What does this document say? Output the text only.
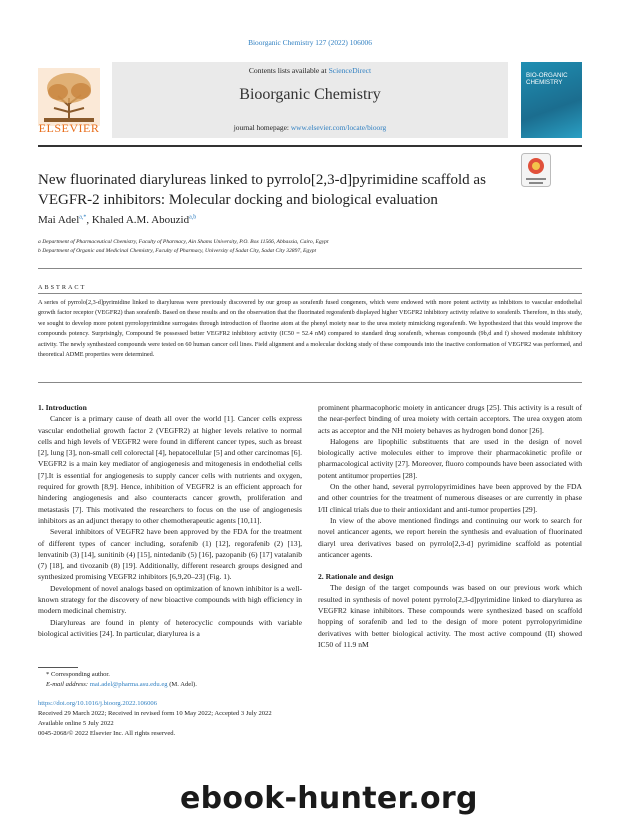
Bioorganic Chemistry 127 (2022) 106006
ELSEVIER
Contents lists available at ScienceDirect
Bioorganic Chemistry
journal homepage: www.elsevier.com/locate/bioorg
BIO-ORGANIC CHEMISTRY
New fluorinated diarylureas linked to pyrrolo[2,3-d]pyrimidine scaffold as VEGFR-2 inhibitors: Molecular docking and biological evaluation
Mai Adel$^{a,*}$, Khaled A.M. Abouzid$^{a,b}$
a Department of Pharmaceutical Chemistry, Faculty of Pharmacy, Ain Shams University, P.O. Box 11566, Abbassia, Cairo, Egypt
b Department of Organic and Medicinal Chemistry, Faculty of Pharmacy, University of Sadat City, Sadat City 32897, Egypt
ABSTRACT
A series of pyrrolo[2,3-d]pyrimidine linked to diarylureas were previously discovered by our group as sorafenib fused congeners, which were endowed with more potent activity as inhibitors to vascular endothelial growth factor receptor (VEGFR2) than sorafenib. Based on these results and on the observation that the fluorinated regorafenib displayed higher VEGFR2 inhibitory activity relative to sorafenib. Therefore, in this study, we sought to develop more potent pyrrolopyrimidine surrogates through introduction of fluorine atom at the phenyl moiety near to the urea moiety mimicking regorafenib. We hypothesized that this would improve the compounds potency. Surprisingly, Compound 9e possessed better VEGFR2 inhibitory activity (IC50 = 52.4 nM) compared to standard drug sorafenib, whereas compounds (9b,d and f) showed moderate inhibitory activity. The newly synthesized compounds were tested on 60 human cancer cell lines. Field alignment and a molecular docking study of these compounds into the inactive conformation of VEGFR2 was performed, and theoretical ADME properties were determined.

1. Introduction

Cancer is a primary cause of death all over the world [1]. Cancer cells express vascular endothelial growth factor 2 (VEGFR2) at higher levels relative to normal cells and high levels of VEGFR2 were found in different cancer types, such as breast [2], lung [3], non-small cell colorectal [4], hepatocellular [5] and other carcinomas [6]. VEGFR2 is a main key mediator of angiogenesis and mitogenesis in endothelial cells [7].It is essential for angiogenesis to supply cancer cells with nutrients and oxygen, required for growth [8,9]. Hence, inhibition of VEGFR2 is an efficient approach for hindering angiogenesis and also counteracts cancer growth, proliferation and metastasis [7]. This motivated the researchers to focus on the use of angiogenesis inhibitors as an adjunct therapy to other chemotherapeutic agents [10,11].

Several inhibitors of VEGFR2 have been approved by the FDA for the treatment of different types of cancer including, sorafenib (1) [12], regorafenib (2) [13], lenvatinib (3) [14], sunitinib (4) [15], nintedanib (5) [16], pazopanib (6) [17] vatalanib (7) [18], and tivozanib (8) [19]. Additionally, different research groups designed and synthesized promising VEGFR2 inhibitors [6,9,20–23] (Fig. 1).

Development of novel analogs based on optimization of known inhibitor is a well-known strategy for the discovery of new bioactive compounds with high efficiency in modern medicinal chemistry.

Diarylureas are found in plenty of heterocyclic compounds with variable biological activities [24]. In particular, diarylurea is a

prominent pharmacophoric moiety in anticancer drugs [25]. This activity is a result of the near-perfect binding of urea moiety with certain acceptors. The urea oxygen atom acts as acceptor and the NH moiety behaves as hydrogen bond donor [26].

Halogens are lipophilic substituents that are used in the design of novel biologically active molecules either to improve their pharmacokinetic profile or pharmacological activity [27]. Moreover, fluoro compounds have been associated with potent antitumor properties [28].

On the other hand, several pyrrolopyrimidines have been approved by the FDA and other countries for the treatment of numerous diseases or are currently in phase I/II clinical trials due to their antioxidant and anti-tumor properties [29].

In view of the above mentioned findings and continuing our work to search for novel anticancer agents, we report herein the synthesis and evaluation of fluorinated diaryl urea derivatives based on pyrrolo[2,3-d] pyrimidine scaffold as potential anticancer agents.

2. Rationale and design

The design of the target compounds was based on our previous work which resulted in synthesis of novel potent pyrrolo[2,3-d]pyrimidine linked to diarylurea as VEGFR2 kinase inhibitors. These compounds were synthesized based on scaffold hopping of sorafenib and led to the design of more potent pyrrolopyrimidine derivatives with better biological activity. The most active compound (II) showed IC50 of 11.9 nM

* Corresponding author.
E-mail address: mai.adel@pharma.asu.edu.eg (M. Adel).
https://doi.org/10.1016/j.bioorg.2022.106006
Received 29 March 2022; Received in revised form 10 May 2022; Accepted 3 July 2022
Available online 5 July 2022
0045-2068/© 2022 Elsevier Inc. All rights reserved.
ebook-hunter.org
